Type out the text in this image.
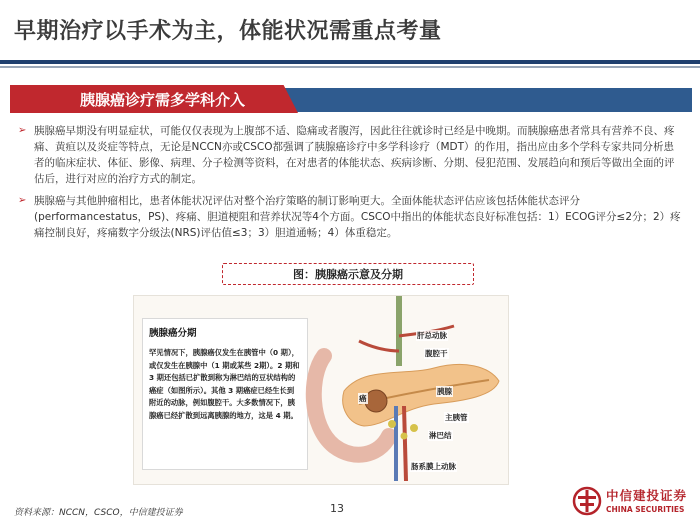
早期治疗以手术为主，体能状况需重点考量
胰腺癌诊疗需多学科介入
➢ 胰腺癌早期没有明显症状，可能仅仅表现为上腹部不适、隐痛或者腹泻，因此往往就诊时已经是中晚期。而胰腺癌患者常具有营养不良、疼痛、黄疸以及炎症等特点，无论是NCCN亦或CSCO都强调了胰腺癌诊疗中多学科诊疗（MDT）的作用，指出应由多个学科专家共同分析患者的临床症状、体征、影像、病理、分子检测等资料，在对患者的体能状态、疾病诊断、分期、侵犯范围、发展趋向和预后等做出全面的评估后，进行对应的治疗方式的制定。
➢ 胰腺癌与其他肿瘤相比，患者体能状况评估对整个治疗策略的制订影响更大。全面体能状态评估应该包括体能状态评分(performancestatus，PS)、疼痛、胆道梗阻和营养状况等4个方面。CSCO中指出的体能状态良好标准包括：1）ECOG评分≤2分；2）疼痛控制良好，疼痛数字分级法(NRS)评估值≤3；3）胆道通畅；4）体重稳定。
图：胰腺癌示意及分期
胰腺癌分期
罕见情况下，胰腺癌仅发生在胰管中（0 期），或仅发生在胰腺中（1 期或某些 2期）。2 期和 3 期还包括已扩散到称为淋巴结的豆状结构的癌症（如图所示）。其他 3 期癌症已经生长到附近的动脉，例如腹腔干。大多数情况下，胰腺癌已经扩散到远离胰腺的地方，这是 4 期。
肝总动脉
腹腔干
胰腺
癌
主胰管
淋巴结
肠系膜上动脉
资料来源：NCCN，CSCO，中信建投证券	13
中信建投证券
CHINA SECURITIES
